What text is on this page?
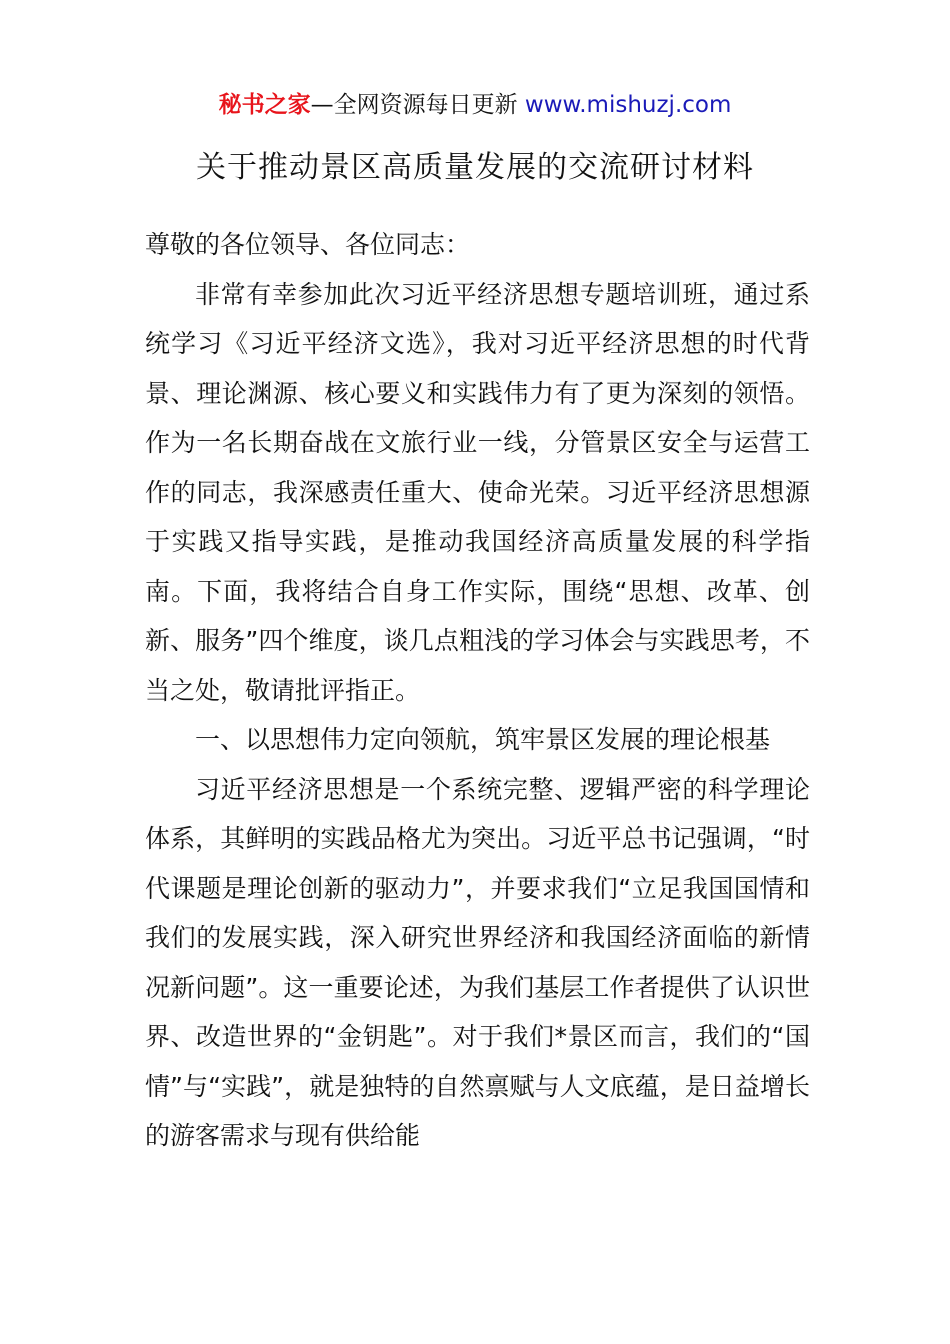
秘书之家—全网资源每日更新 www.mishuzj.com
关于推动景区高质量发展的交流研讨材料

尊敬的各位领导、各位同志：

非常有幸参加此次习近平经济思想专题培训班，通过系统学习《习近平经济文选》，我对习近平经济思想的时代背景、理论渊源、核心要义和实践伟力有了更为深刻的领悟。作为一名长期奋战在文旅行业一线，分管景区安全与运营工作的同志，我深感责任重大、使命光荣。习近平经济思想源于实践又指导实践，是推动我国经济高质量发展的科学指南。下面，我将结合自身工作实际，围绕“思想、改革、创新、服务”四个维度，谈几点粗浅的学习体会与实践思考，不当之处，敬请批评指正。

一、以思想伟力定向领航，筑牢景区发展的理论根基

习近平经济思想是一个系统完整、逻辑严密的科学理论体系，其鲜明的实践品格尤为突出。习近平总书记强调，“时代课题是理论创新的驱动力”，并要求我们“立足我国国情和我们的发展实践，深入研究世界经济和我国经济面临的新情况新问题”。这一重要论述，为我们基层工作者提供了认识世界、改造世界的“金钥匙”。对于我们*景区而言，我们的“国情”与“实践”，就是独特的自然禀赋与人文底蕴，是日益增长的游客需求与现有供给能
